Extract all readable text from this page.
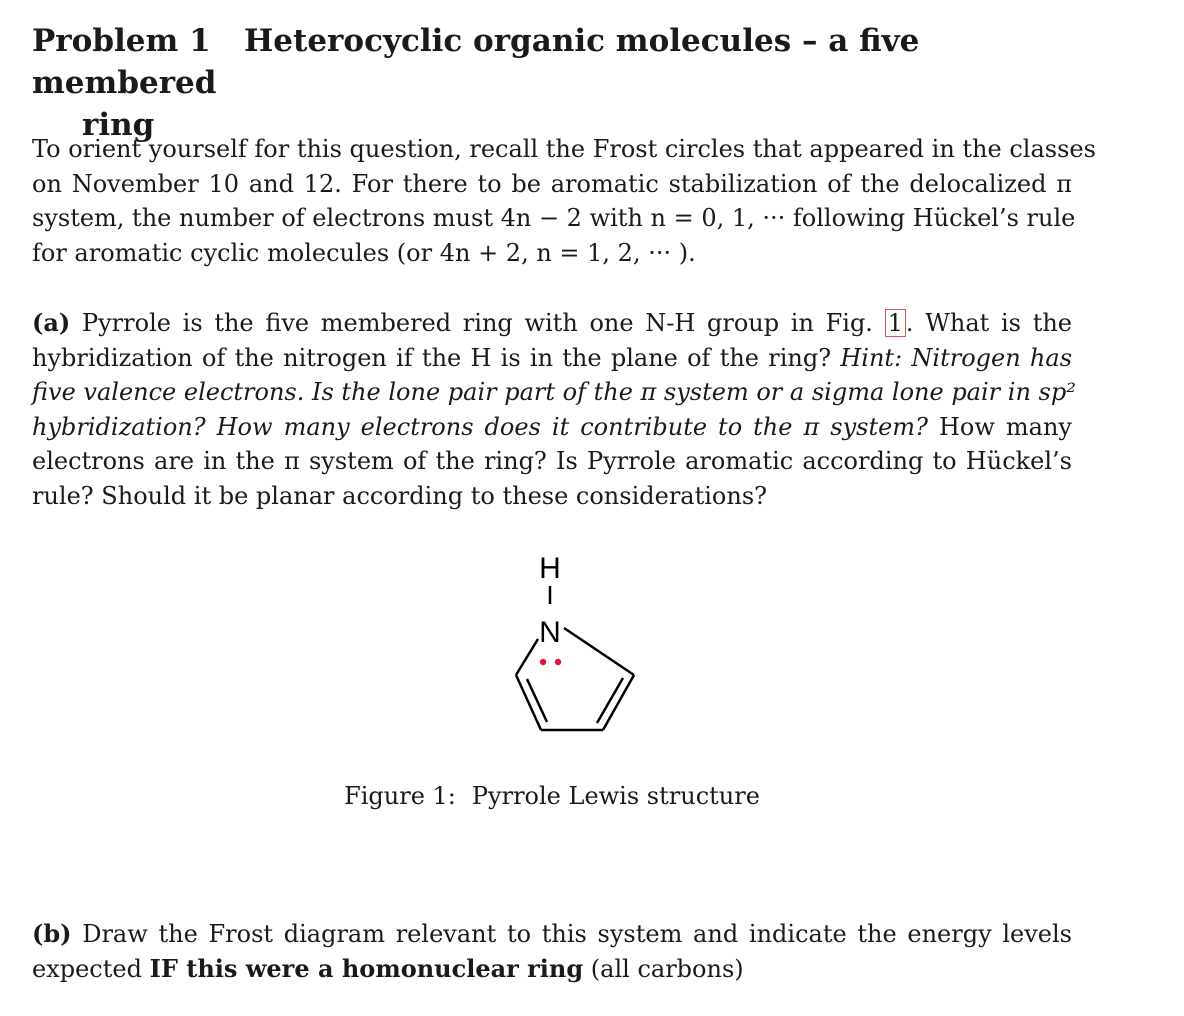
Problem 1 Heterocyclic organic molecules – a five membered
ring
To orient yourself for this question, recall the Frost circles that appeared in the classes
on November 10 and 12. For there to be aromatic stabilization of the delocalized π
system, the number of electrons must 4n − 2 with n = 0, 1, ··· following Hückel’s rule
for aromatic cyclic molecules (or 4n + 2, n = 1, 2, ··· ).
(a) Pyrrole is the five membered ring with one N-H group in Fig. 1 . What is the
hybridization of the nitrogen if the H is in the plane of the ring? Hint: Nitrogen has
five valence electrons. Is the lone pair part of the π system or a sigma lone pair in sp²
hybridization? How many electrons does it contribute to the π system? How many
electrons are in the π system of the ring? Is Pyrrole aromatic according to Hückel’s
rule? Should it be planar according to these considerations?
H
N
Figure 1: Pyrrole Lewis structure
(b) Draw the Frost diagram relevant to this system and indicate the energy levels
expected IF this were a homonuclear ring (all carbons)
